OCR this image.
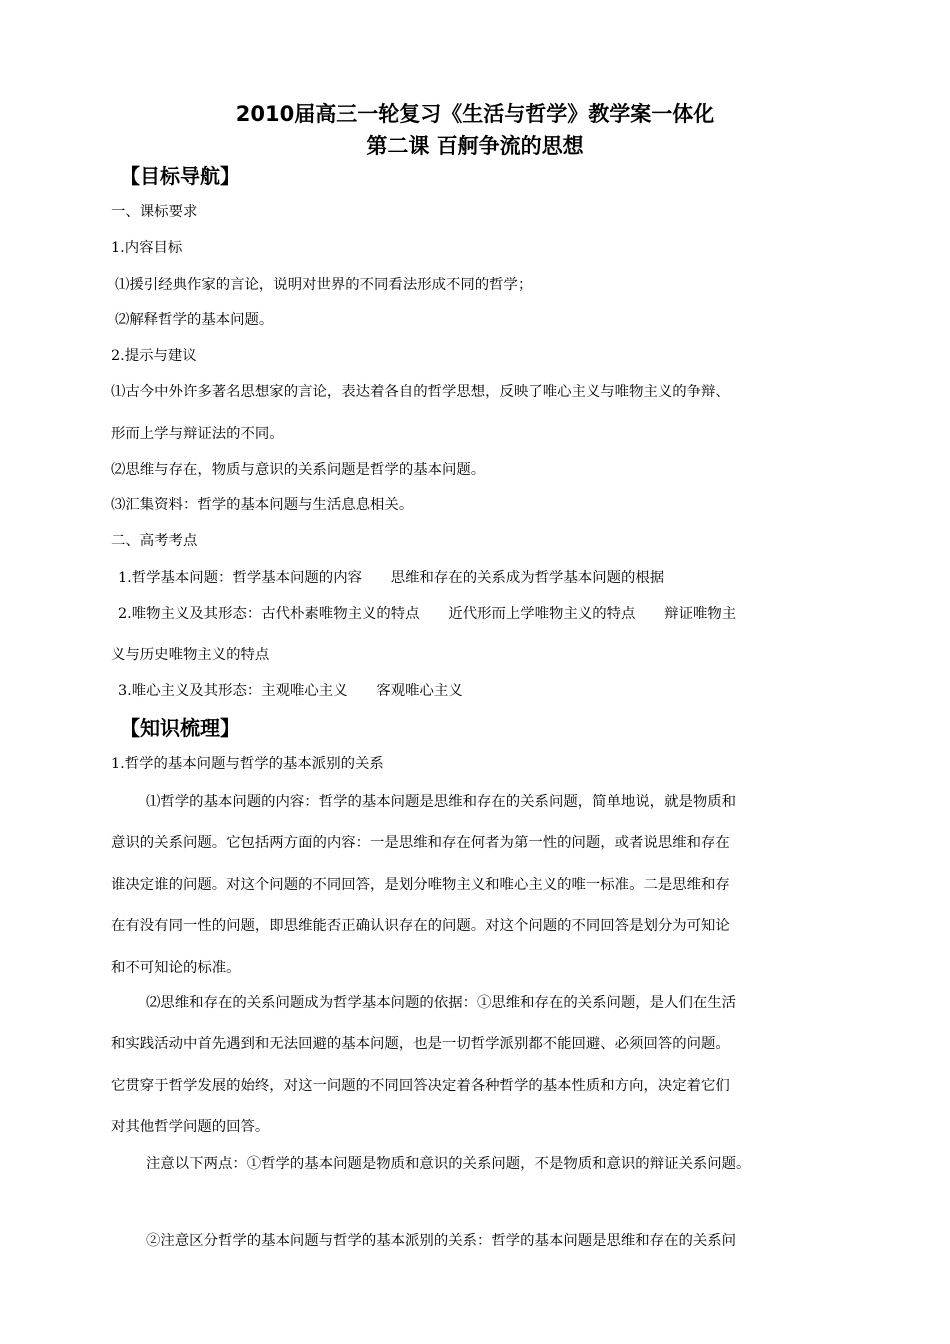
2010届高三一轮复习《生活与哲学》教学案一体化
第二课 百舸争流的思想
【目标导航】
一、课标要求
1.内容目标
⑴援引经典作家的言论，说明对世界的不同看法形成不同的哲学；
⑵解释哲学的基本问题。
2.提示与建议
⑴古今中外许多著名思想家的言论，表达着各自的哲学思想，反映了唯心主义与唯物主义的争辩、
形而上学与辩证法的不同。
⑵思维与存在，物质与意识的关系问题是哲学的基本问题。
⑶汇集资料：哲学的基本问题与生活息息相关。
二、高考考点
1.哲学基本问题：哲学基本问题的内容　　思维和存在的关系成为哲学基本问题的根据
2.唯物主义及其形态：古代朴素唯物主义的特点　　近代形而上学唯物主义的特点　　辩证唯物主
义与历史唯物主义的特点
3.唯心主义及其形态：主观唯心主义　　客观唯心主义
【知识梳理】
1.哲学的基本问题与哲学的基本派别的关系
⑴哲学的基本问题的内容：哲学的基本问题是思维和存在的关系问题，简单地说，就是物质和
意识的关系问题。它包括两方面的内容：一是思维和存在何者为第一性的问题，或者说思维和存在
谁决定谁的问题。对这个问题的不同回答，是划分唯物主义和唯心主义的唯一标准。二是思维和存
在有没有同一性的问题，即思维能否正确认识存在的问题。对这个问题的不同回答是划分为可知论
和不可知论的标准。
⑵思维和存在的关系问题成为哲学基本问题的依据：①思维和存在的关系问题，是人们在生活
和实践活动中首先遇到和无法回避的基本问题，也是一切哲学派别都不能回避、必须回答的问题。
它贯穿于哲学发展的始终，对这一问题的不同回答决定着各种哲学的基本性质和方向，决定着它们
对其他哲学问题的回答。
注意以下两点：①哲学的基本问题是物质和意识的关系问题，不是物质和意识的辩证关系问题。
②注意区分哲学的基本问题与哲学的基本派别的关系：哲学的基本问题是思维和存在的关系问
